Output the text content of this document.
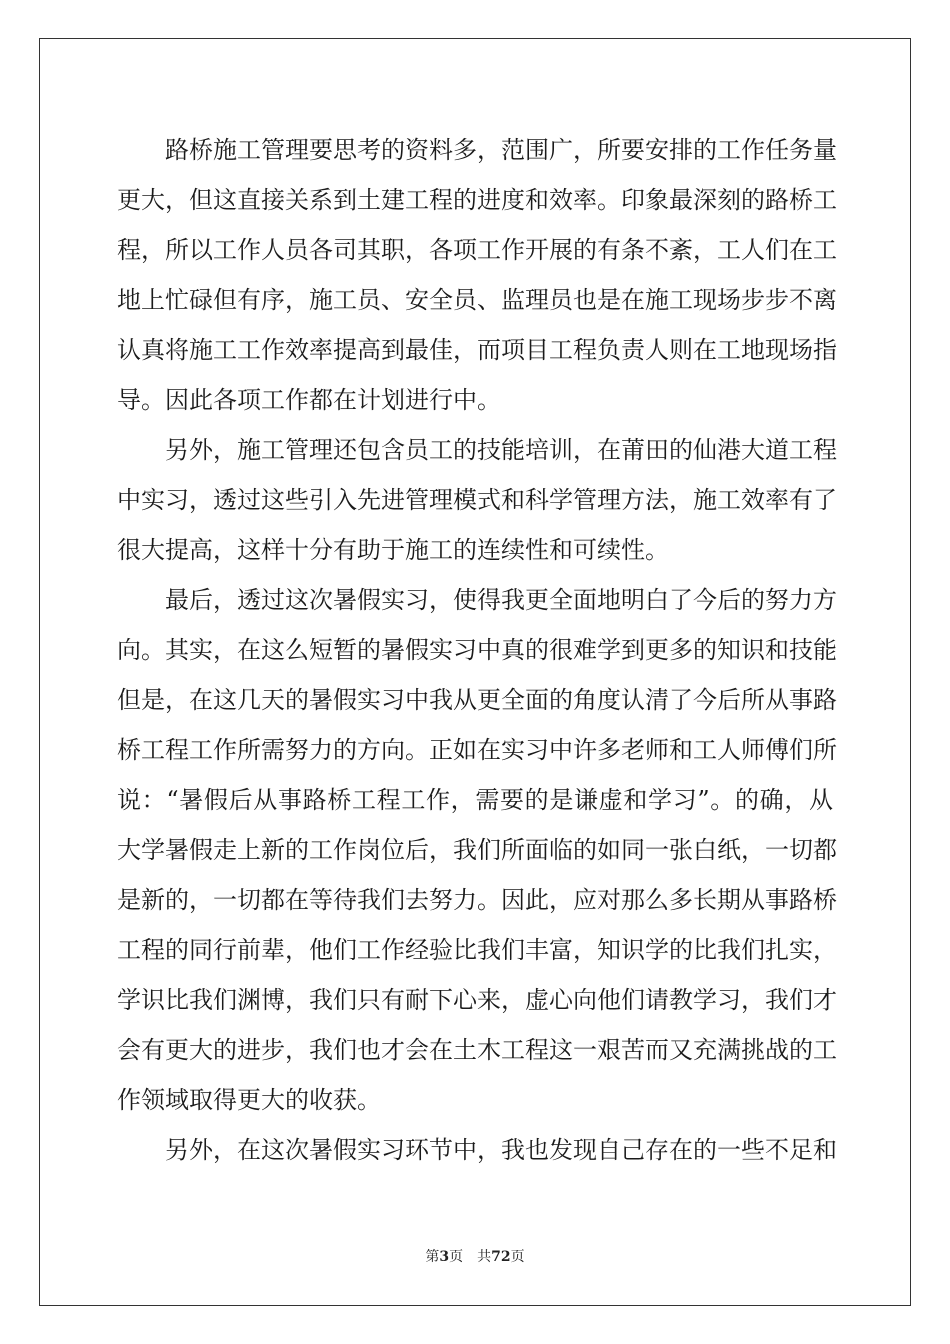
路桥施工管理要思考的资料多，范围广，所要安排的工作任务量
更大，但这直接关系到土建工程的进度和效率。印象最深刻的路桥工
程，所以工作人员各司其职，各项工作开展的有条不紊，工人们在工
地上忙碌但有序，施工员、安全员、监理员也是在施工现场步步不离
认真将施工工作效率提高到最佳，而项目工程负责人则在工地现场指
导。因此各项工作都在计划进行中。
另外，施工管理还包含员工的技能培训，在莆田的仙港大道工程
中实习，透过这些引入先进管理模式和科学管理方法，施工效率有了
很大提高，这样十分有助于施工的连续性和可续性。
最后，透过这次暑假实习，使得我更全面地明白了今后的努力方
向。其实，在这么短暂的暑假实习中真的很难学到更多的知识和技能
但是，在这几天的暑假实习中我从更全面的角度认清了今后所从事路
桥工程工作所需努力的方向。正如在实习中许多老师和工人师傅们所
说：“暑假后从事路桥工程工作，需要的是谦虚和学习”。的确，从
大学暑假走上新的工作岗位后，我们所面临的如同一张白纸，一切都
是新的，一切都在等待我们去努力。因此，应对那么多长期从事路桥
工程的同行前辈，他们工作经验比我们丰富，知识学的比我们扎实，
学识比我们渊博，我们只有耐下心来，虚心向他们请教学习，我们才
会有更大的进步，我们也才会在土木工程这一艰苦而又充满挑战的工
作领域取得更大的收获。
另外，在这次暑假实习环节中，我也发现自己存在的一些不足和
第3页 共72页
